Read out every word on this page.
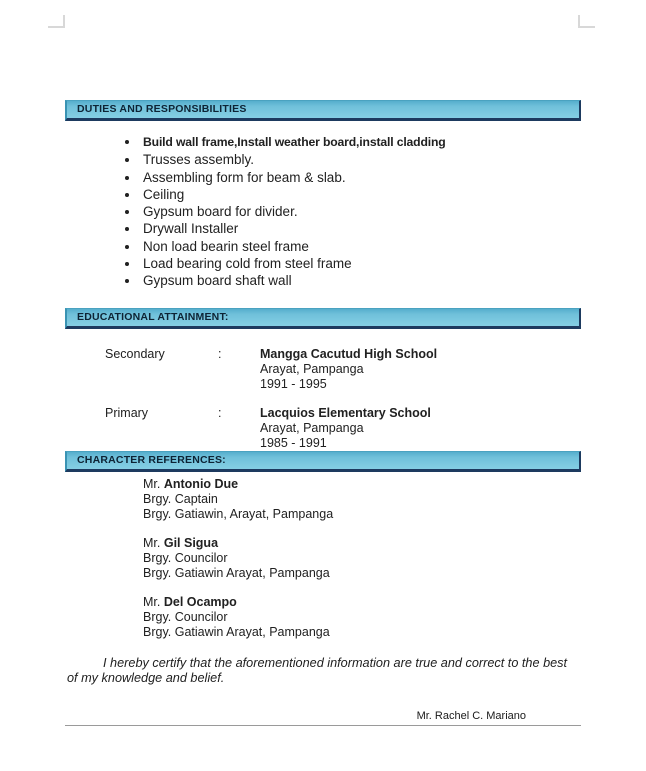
DUTIES AND RESPONSIBILITIES
Build wall frame,Install weather board,install cladding
Trusses assembly.
Assembling form for beam & slab.
Ceiling
Gypsum board for divider.
Drywall Installer
Non load bearin steel frame
Load bearing cold from steel frame
Gypsum board shaft wall
EDUCATIONAL ATTAINMENT:
Secondary	:	Mangga Cacutud High School
Arayat, Pampanga
1991 - 1995
Primary	:	Lacquios Elementary School
Arayat, Pampanga
1985 - 1991
CHARACTER REFERENCES:
Mr. Antonio Due
Brgy. Captain
Brgy. Gatiawin, Arayat, Pampanga
Mr. Gil Sigua
Brgy. Councilor
Brgy. Gatiawin Arayat, Pampanga
Mr. Del Ocampo
Brgy. Councilor
Brgy. Gatiawin Arayat, Pampanga

I hereby certify that the aforementioned information are true and correct to the best of my knowledge and belief.

Mr. Rachel C. Mariano
